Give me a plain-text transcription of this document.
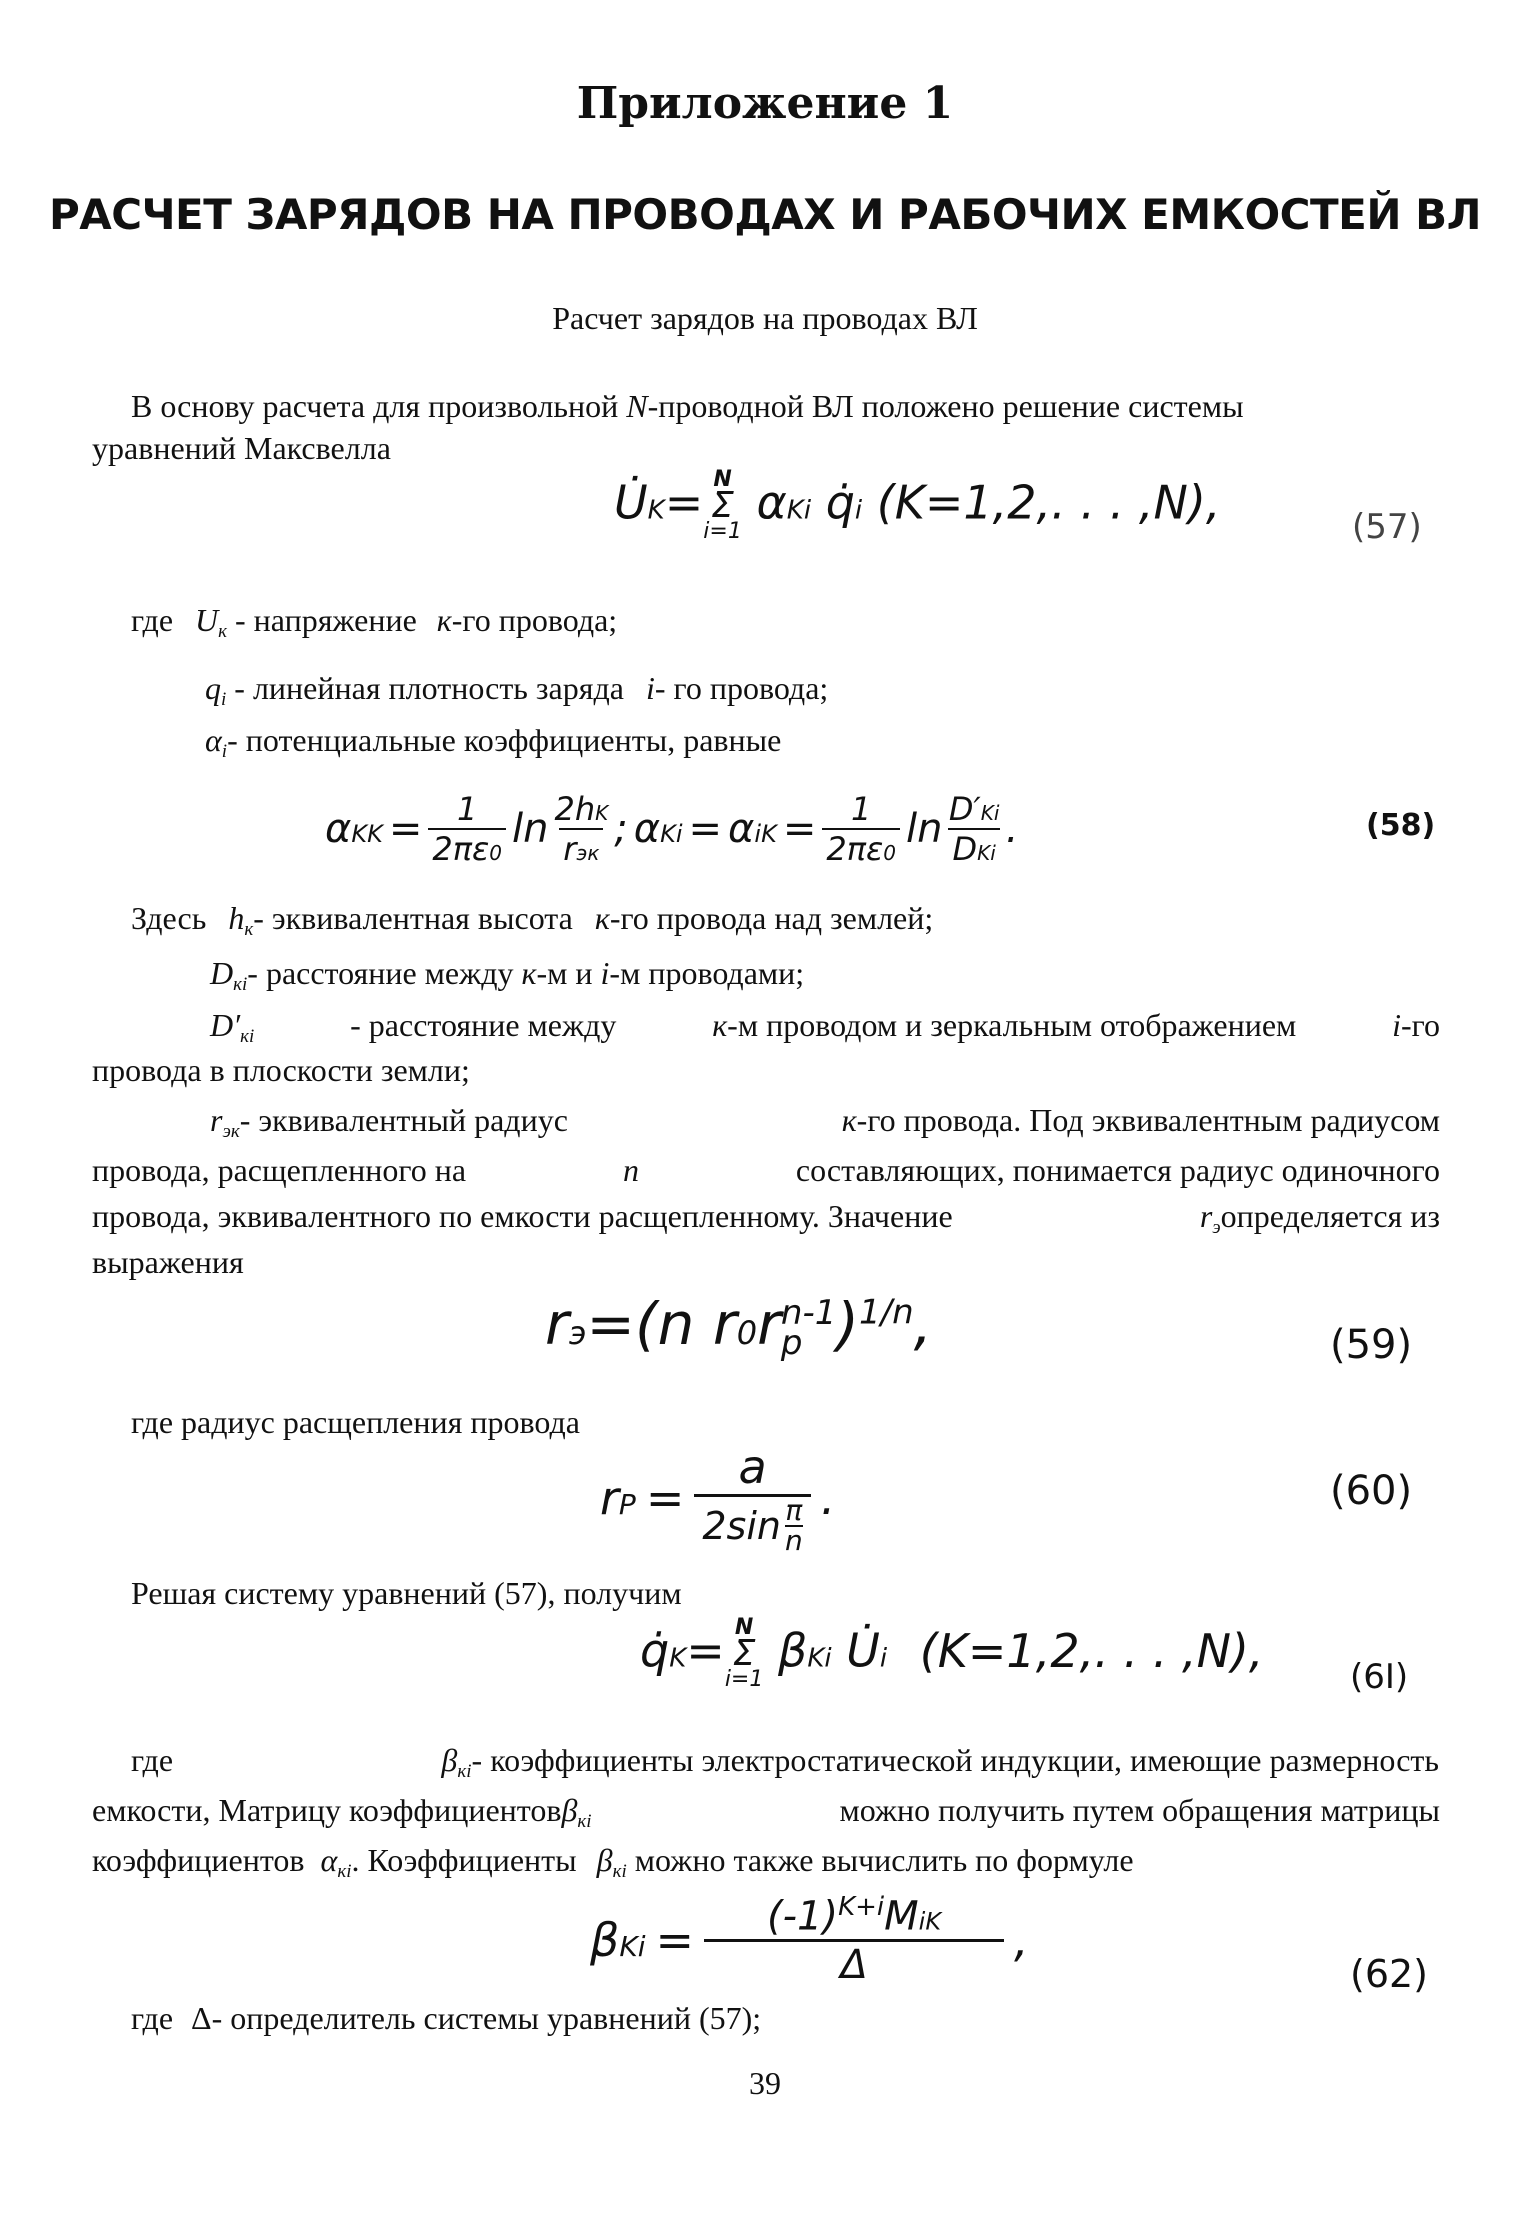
Приложение 1
РАСЧЕТ ЗАРЯДОВ НА ПРОВОДАХ И РАБОЧИХ ЕМКОСТЕЙ ВЛ
Расчет зарядов на проводах ВЛ
В основу расчета для произвольной N-проводной ВЛ положено решение системы
уравнений Максвелла
U̇K= N
Σ
i=1
αKi q̇i (K=1,2,. . . ,N),	(57)
где $U_к$ - напряжение к-го провода;
$q_i$ - линейная плотность заряда i- го провода;
$\alpha_i-$ потенциальные коэффициенты, равные
$\alpha KK = \frac{1}{2\pi\varepsilon 0}$ ln 2hK
rэк
; $\alpha Ki = \alpha iK = \frac{1}{2\pi\varepsilon 0}$ ln D′Ki
DKi
.	(58)
Здесь $h_к-$ эквивалентная высота к-го провода над землей;
$D_{кi}-$ расстояние между к-м и i-м проводами;
$D'_{кi}$	- расстояние между	к-м проводом и зеркальным отображением	i-го
провода в плоскости земли;
$r_{эк}-$ эквивалентный радиус	к-го провода. Под эквивалентным радиусом
провода, расщепленного на	n	составляющих, понимается радиус одиночного
провода, эквивалентного по емкости расщепленному. Значение	$r_эопределяется$ из
выражения
rэ=(n r0r n-1
p )$^{1/n}$,	(59)
где радиус расщепления провода
rP =
a
2sin π
n
.	(60)
Решая систему уравнений (57), получим
q̇K= N
Σ
i=1
βKi U̇i (K=1,2,. . . ,N),	(6I)
где	$\beta_{кi}-$ коэффициенты электростатической индукции, имеющие размерность
емкости, Матрицу коэффициентовβ$_{кi}$	можно получить путем обращения матрицы
коэффициентов $\alpha_{кi}$. Коэффициенты $\beta_{кi}$ можно также вычислить по формуле
$\beta Ki = (-1)^{K+i}MiK$
Δ	,
(62)
где Δ- определитель системы уравнений (57);
39
